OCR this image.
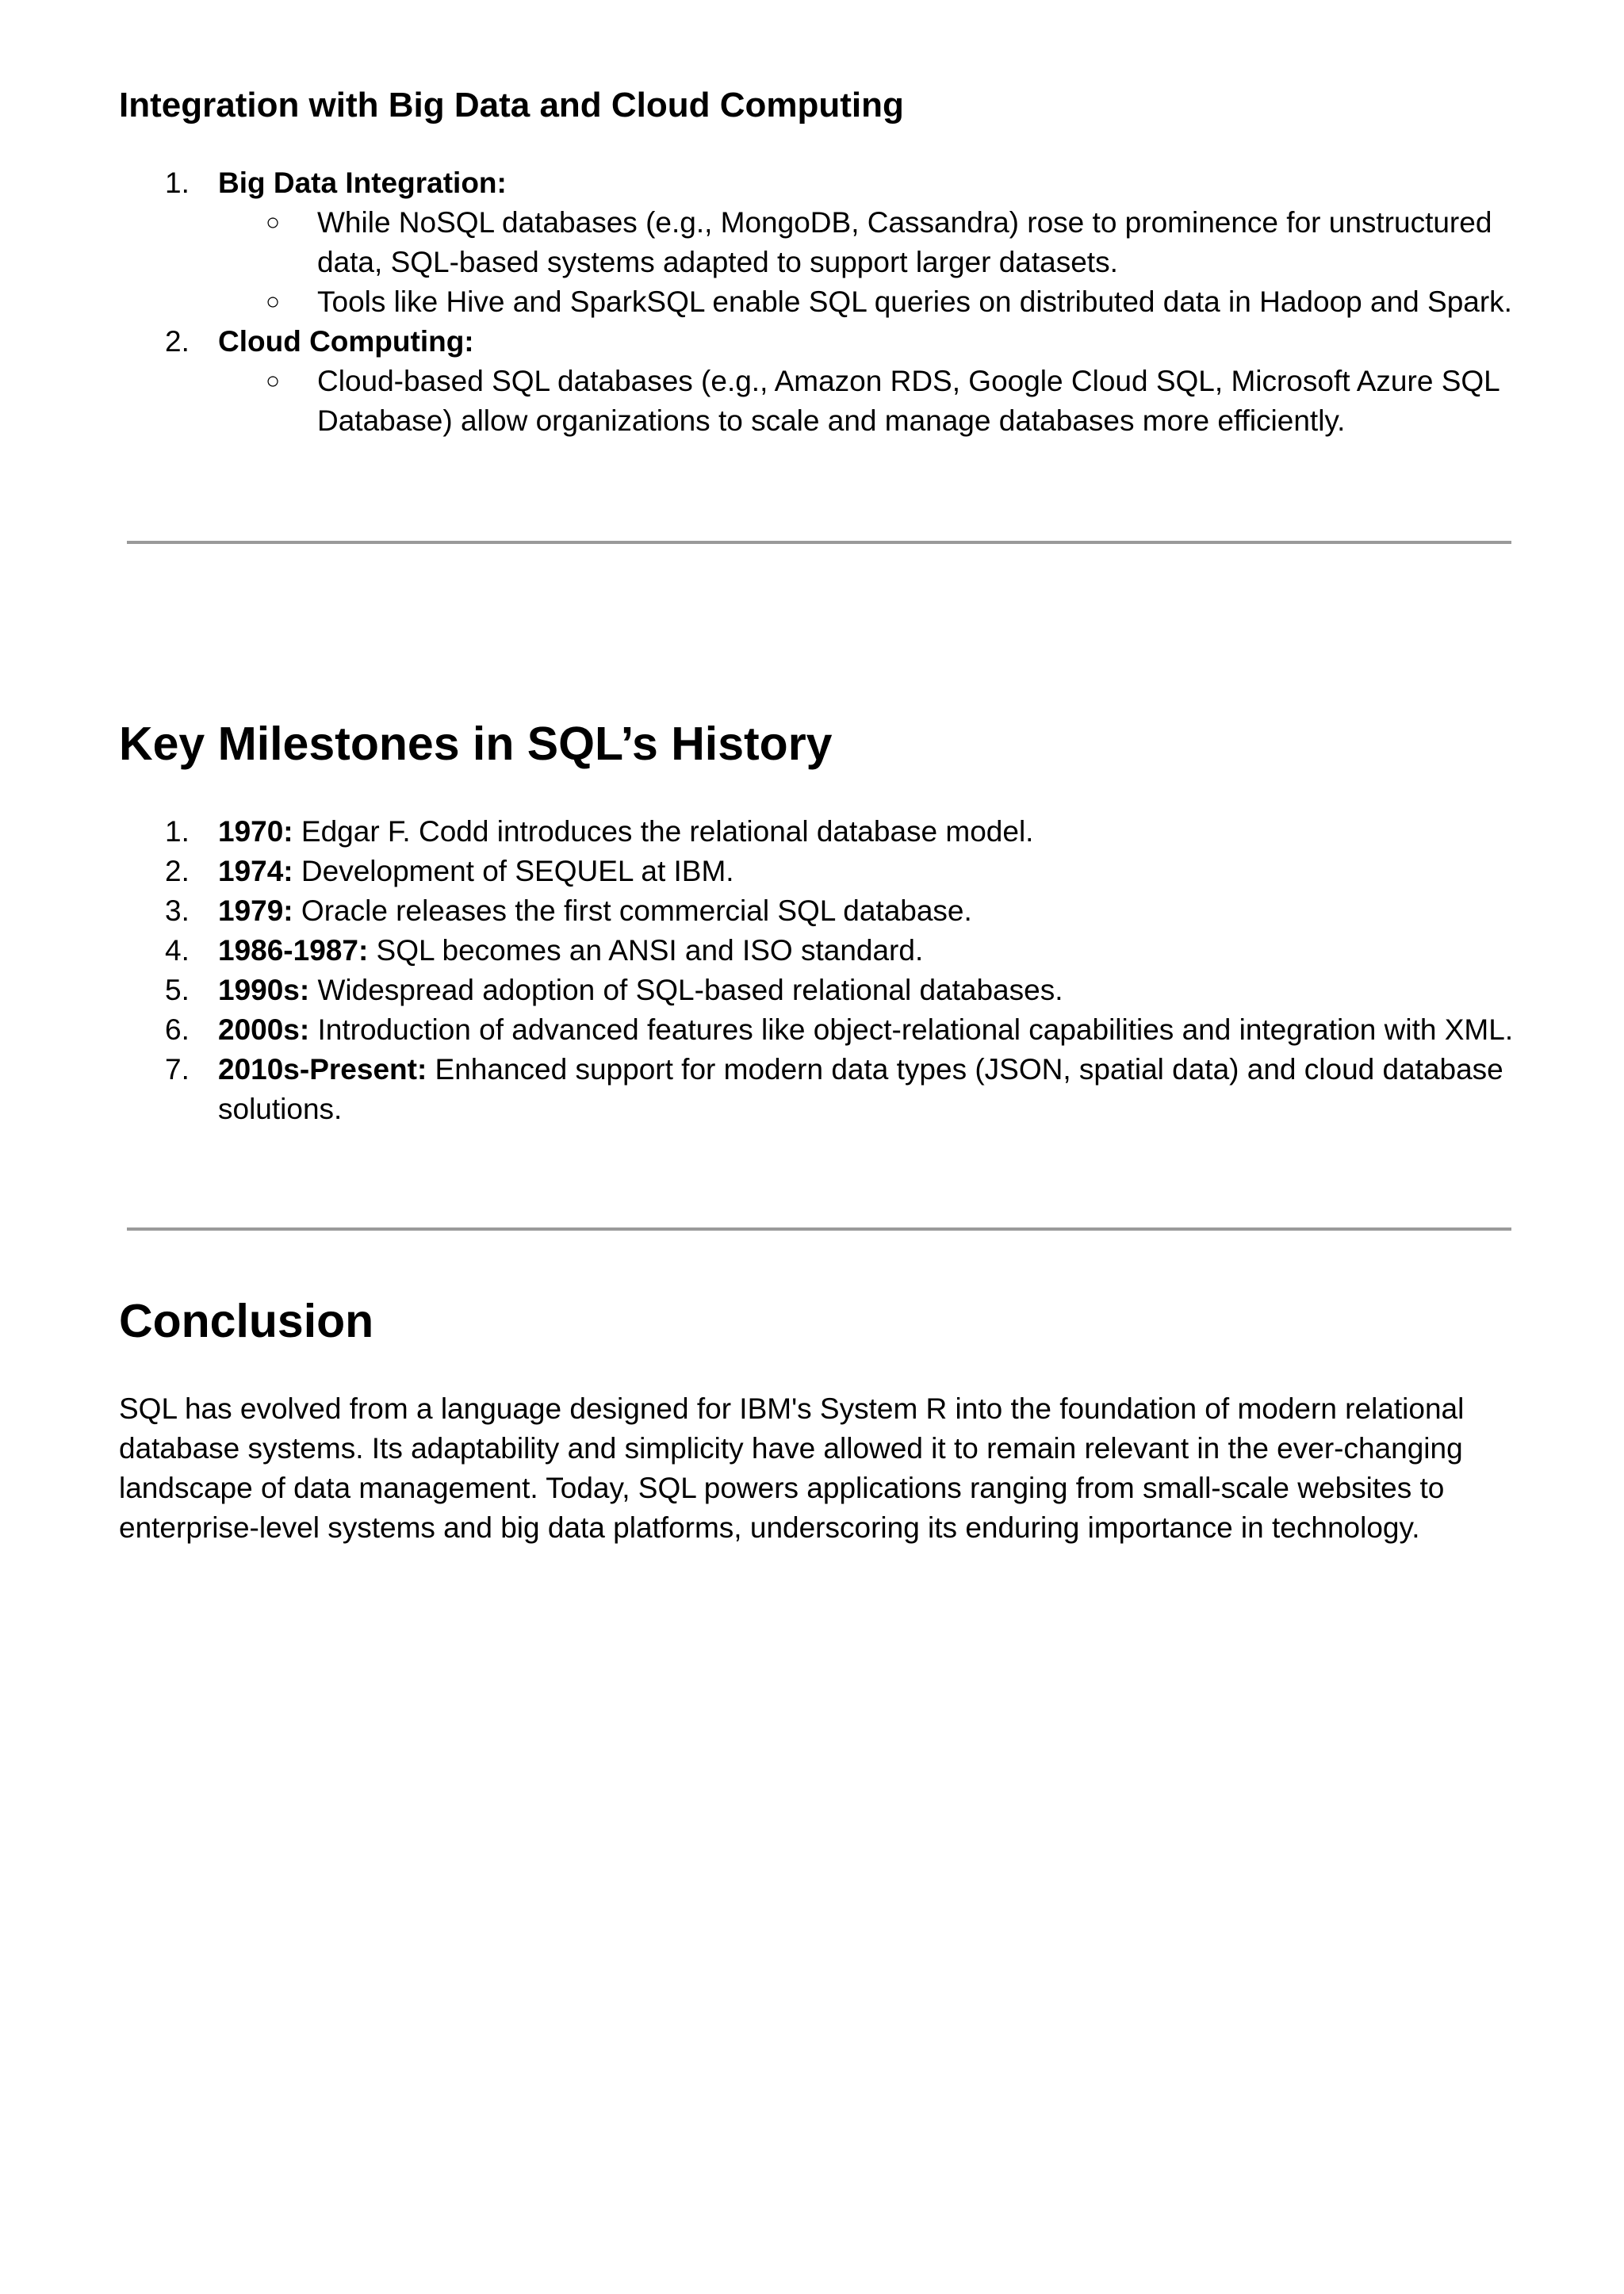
Integration with Big Data and Cloud Computing
1. Big Data Integration:
○	While NoSQL databases (e.g., MongoDB, Cassandra) rose to prominence for unstructured data, SQL-based systems adapted to support larger datasets.
○	Tools like Hive and SparkSQL enable SQL queries on distributed data in Hadoop and Spark.
2. Cloud Computing:
○	Cloud-based SQL databases (e.g., Amazon RDS, Google Cloud SQL, Microsoft Azure SQL Database) allow organizations to scale and manage databases more efficiently.
Key Milestones in SQL’s History
1. 1970: Edgar F. Codd introduces the relational database model.
2. 1974: Development of SEQUEL at IBM.
3. 1979: Oracle releases the first commercial SQL database.
4. 1986-1987: SQL becomes an ANSI and ISO standard.
5. 1990s: Widespread adoption of SQL-based relational databases.
6. 2000s: Introduction of advanced features like object-relational capabilities and integration with XML.
7. 2010s-Present: Enhanced support for modern data types (JSON, spatial data) and cloud database solutions.
Conclusion

SQL has evolved from a language designed for IBM's System R into the foundation of modern relational database systems. Its adaptability and simplicity have allowed it to remain relevant in the ever-changing landscape of data management. Today, SQL powers applications ranging from small-scale websites to enterprise-level systems and big data platforms, underscoring its enduring importance in technology.
